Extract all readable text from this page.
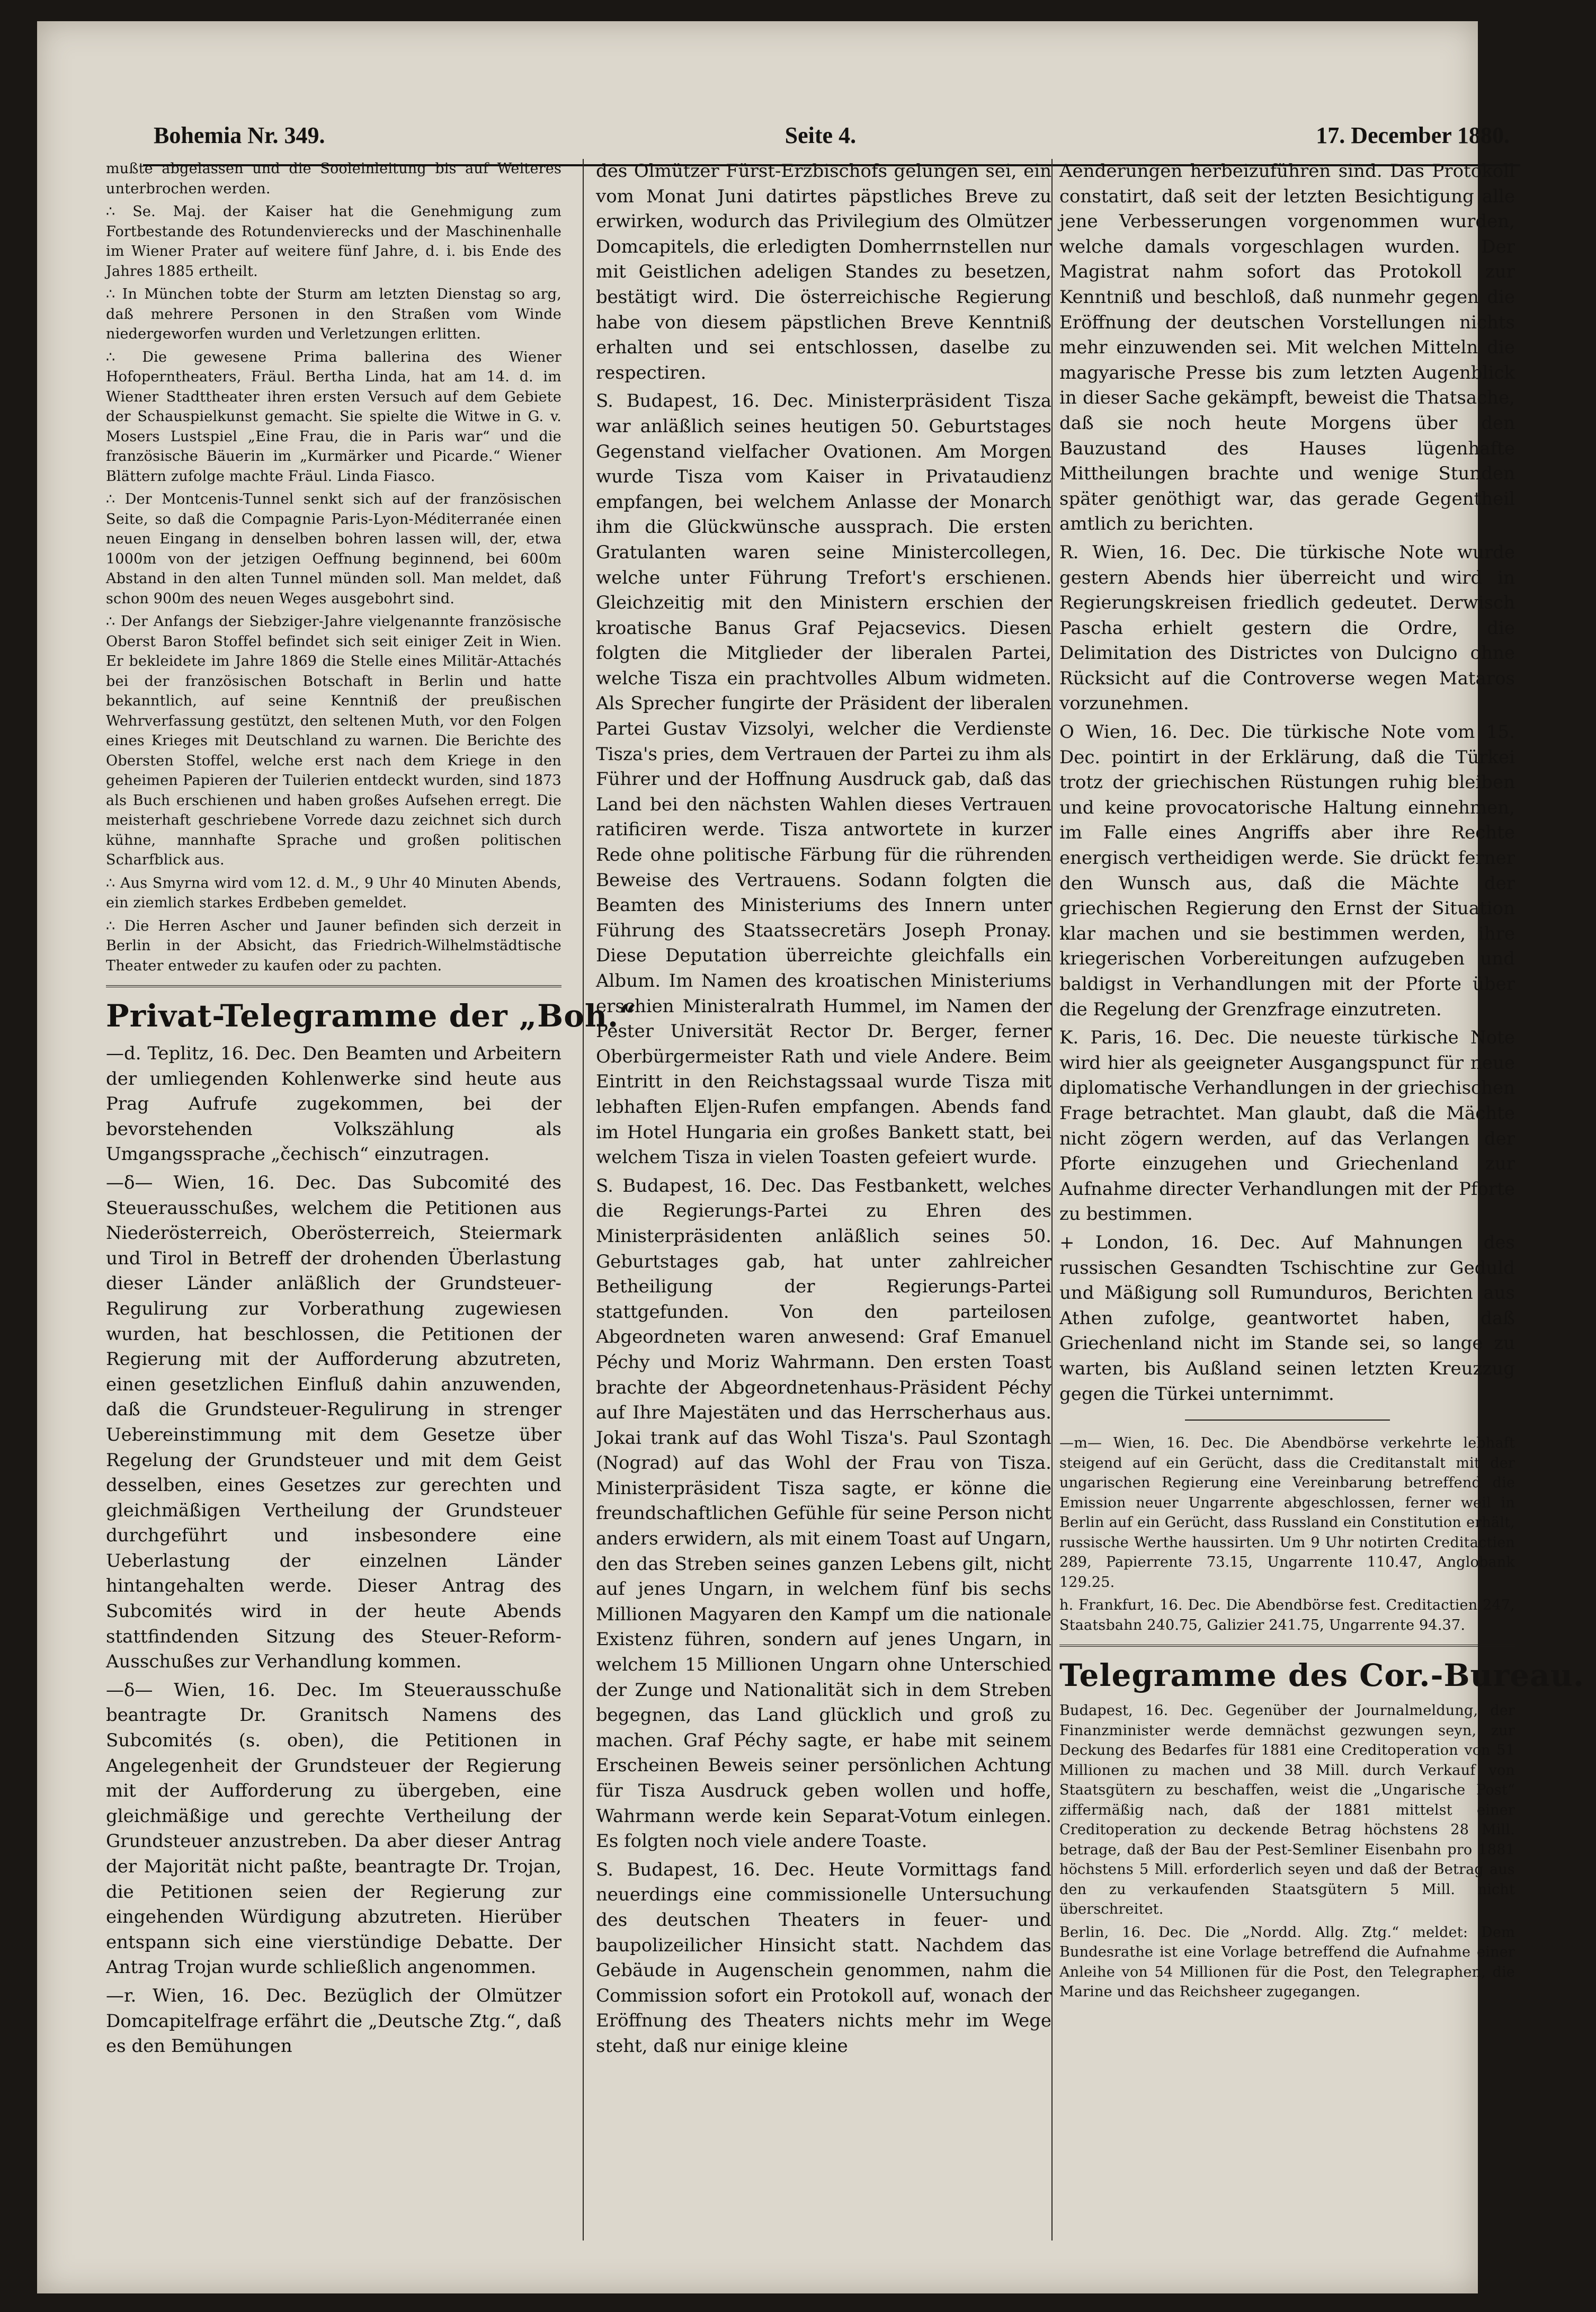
Bohemia Nr. 349.	Seite 4.	17. December 1880.

mußte abgelassen und die Sooleinleitung bis auf Weiteres unterbrochen werden.

∴ Se. Maj. der Kaiser hat die Genehmigung zum Fortbestande des Rotundenvierecks und der Maschinenhalle im Wiener Prater auf weitere fünf Jahre, d. i. bis Ende des Jahres 1885 ertheilt.

∴ In München tobte der Sturm am letzten Dienstag so arg, daß mehrere Personen in den Straßen vom Winde niedergeworfen wurden und Verletzungen erlitten.

∴ Die gewesene Prima ballerina des Wiener Hofoperntheaters, Fräul. Bertha Linda, hat am 14. d. im Wiener Stadttheater ihren ersten Versuch auf dem Gebiete der Schauspielkunst gemacht. Sie spielte die Witwe in G. v. Mosers Lustspiel „Eine Frau, die in Paris war“ und die französische Bäuerin im „Kurmärker und Picarde.“ Wiener Blättern zufolge machte Fräul. Linda Fiasco.

∴ Der Montcenis-Tunnel senkt sich auf der französischen Seite, so daß die Compagnie Paris-Lyon-Méditerranée einen neuen Eingang in denselben bohren lassen will, der, etwa 1000m von der jetzigen Oeffnung beginnend, bei 600m Abstand in den alten Tunnel münden soll. Man meldet, daß schon 900m des neuen Weges ausgebohrt sind.

∴ Der Anfangs der Siebziger-Jahre vielgenannte französische Oberst Baron Stoffel befindet sich seit einiger Zeit in Wien. Er bekleidete im Jahre 1869 die Stelle eines Militär-Attachés bei der französischen Botschaft in Berlin und hatte bekanntlich, auf seine Kenntniß der preußischen Wehrverfassung gestützt, den seltenen Muth, vor den Folgen eines Krieges mit Deutschland zu warnen. Die Berichte des Obersten Stoffel, welche erst nach dem Kriege in den geheimen Papieren der Tuilerien entdeckt wurden, sind 1873 als Buch erschienen und haben großes Aufsehen erregt. Die meisterhaft geschriebene Vorrede dazu zeichnet sich durch kühne, mannhafte Sprache und großen politischen Scharfblick aus.

∴ Aus Smyrna wird vom 12. d. M., 9 Uhr 40 Minuten Abends, ein ziemlich starkes Erdbeben gemeldet.

∴ Die Herren Ascher und Jauner befinden sich derzeit in Berlin in der Absicht, das Friedrich-Wilhelmstädtische Theater entweder zu kaufen oder zu pachten.

Privat-Telegramme der „Boh.“

—d. Teplitz, 16. Dec. Den Beamten und Arbeitern der umliegenden Kohlenwerke sind heute aus Prag Aufrufe zugekommen, bei der bevorstehenden Volkszählung als Umgangssprache „čechisch“ einzutragen.

—δ— Wien, 16. Dec. Das Subcomité des Steuerausschußes, welchem die Petitionen aus Niederösterreich, Oberösterreich, Steiermark und Tirol in Betreff der drohenden Überlastung dieser Länder anläßlich der Grundsteuer-Regulirung zur Vorberathung zugewiesen wurden, hat beschlossen, die Petitionen der Regierung mit der Aufforderung abzutreten, einen gesetzlichen Einfluß dahin anzuwenden, daß die Grundsteuer-Regulirung in strenger Uebereinstimmung mit dem Gesetze über Regelung der Grundsteuer und mit dem Geist desselben, eines Gesetzes zur gerechten und gleichmäßigen Vertheilung der Grundsteuer durchgeführt und insbesondere eine Ueberlastung der einzelnen Länder hintangehalten werde. Dieser Antrag des Subcomités wird in der heute Abends stattfindenden Sitzung des Steuer-Reform-Ausschußes zur Verhandlung kommen.

—δ— Wien, 16. Dec. Im Steuerausschuße beantragte Dr. Granitsch Namens des Subcomités (s. oben), die Petitionen in Angelegenheit der Grundsteuer der Regierung mit der Aufforderung zu übergeben, eine gleichmäßige und gerechte Vertheilung der Grundsteuer anzustreben. Da aber dieser Antrag der Majorität nicht paßte, beantragte Dr. Trojan, die Petitionen seien der Regierung zur eingehenden Würdigung abzutreten. Hierüber entspann sich eine vierstündige Debatte. Der Antrag Trojan wurde schließlich angenommen.

—r. Wien, 16. Dec. Bezüglich der Olmützer Domcapitelfrage erfährt die „Deutsche Ztg.“, daß es den Bemühungen

des Olmützer Fürst-Erzbischofs gelungen sei, ein vom Monat Juni datirtes päpstliches Breve zu erwirken, wodurch das Privilegium des Olmützer Domcapitels, die erledigten Domherrnstellen nur mit Geistlichen adeligen Standes zu besetzen, bestätigt wird. Die österreichische Regierung habe von diesem päpstlichen Breve Kenntniß erhalten und sei entschlossen, daselbe zu respectiren.

S. Budapest, 16. Dec. Ministerpräsident Tisza war anläßlich seines heutigen 50. Geburtstages Gegenstand vielfacher Ovationen. Am Morgen wurde Tisza vom Kaiser in Privataudienz empfangen, bei welchem Anlasse der Monarch ihm die Glückwünsche aussprach. Die ersten Gratulanten waren seine Ministercollegen, welche unter Führung Trefort's erschienen. Gleichzeitig mit den Ministern erschien der kroatische Banus Graf Pejacsevics. Diesen folgten die Mitglieder der liberalen Partei, welche Tisza ein prachtvolles Album widmeten. Als Sprecher fungirte der Präsident der liberalen Partei Gustav Vizsolyi, welcher die Verdienste Tisza's pries, dem Vertrauen der Partei zu ihm als Führer und der Hoffnung Ausdruck gab, daß das Land bei den nächsten Wahlen dieses Vertrauen ratificiren werde. Tisza antwortete in kurzer Rede ohne politische Färbung für die rührenden Beweise des Vertrauens. Sodann folgten die Beamten des Ministeriums des Innern unter Führung des Staatssecretärs Joseph Pronay. Diese Deputation überreichte gleichfalls ein Album. Im Namen des kroatischen Ministeriums erschien Ministeralrath Hummel, im Namen der Pester Universität Rector Dr. Berger, ferner Oberbürgermeister Rath und viele Andere. Beim Eintritt in den Reichstagssaal wurde Tisza mit lebhaften Eljen-Rufen empfangen. Abends fand im Hotel Hungaria ein großes Bankett statt, bei welchem Tisza in vielen Toasten gefeiert wurde.

S. Budapest, 16. Dec. Das Festbankett, welches die Regierungs-Partei zu Ehren des Ministerpräsidenten anläßlich seines 50. Geburtstages gab, hat unter zahlreicher Betheiligung der Regierungs-Partei stattgefunden. Von den parteilosen Abgeordneten waren anwesend: Graf Emanuel Péchy und Moriz Wahrmann. Den ersten Toast brachte der Abgeordnetenhaus-Präsident Péchy auf Ihre Majestäten und das Herrscherhaus aus. Jokai trank auf das Wohl Tisza's. Paul Szontagh (Nograd) auf das Wohl der Frau von Tisza. Ministerpräsident Tisza sagte, er könne die freundschaftlichen Gefühle für seine Person nicht anders erwidern, als mit einem Toast auf Ungarn, den das Streben seines ganzen Lebens gilt, nicht auf jenes Ungarn, in welchem fünf bis sechs Millionen Magyaren den Kampf um die nationale Existenz führen, sondern auf jenes Ungarn, in welchem 15 Millionen Ungarn ohne Unterschied der Zunge und Nationalität sich in dem Streben begegnen, das Land glücklich und groß zu machen. Graf Péchy sagte, er habe mit seinem Erscheinen Beweis seiner persönlichen Achtung für Tisza Ausdruck geben wollen und hoffe, Wahrmann werde kein Separat-Votum einlegen. Es folgten noch viele andere Toaste.

S. Budapest, 16. Dec. Heute Vormittags fand neuerdings eine commissionelle Untersuchung des deutschen Theaters in feuer- und baupolizeilicher Hinsicht statt. Nachdem das Gebäude in Augenschein genommen, nahm die Commission sofort ein Protokoll auf, wonach der Eröffnung des Theaters nichts mehr im Wege steht, daß nur einige kleine

Aenderungen herbeizuführen sind. Das Protokoll constatirt, daß seit der letzten Besichtigung alle jene Verbesserungen vorgenommen wurden, welche damals vorgeschlagen wurden. Der Magistrat nahm sofort das Protokoll zur Kenntniß und beschloß, daß nunmehr gegen die Eröffnung der deutschen Vorstellungen nichts mehr einzuwenden sei. Mit welchen Mitteln die magyarische Presse bis zum letzten Augenblick in dieser Sache gekämpft, beweist die Thatsache, daß sie noch heute Morgens über den Bauzustand des Hauses lügenhafte Mittheilungen brachte und wenige Stunden später genöthigt war, das gerade Gegentheil amtlich zu berichten.

R. Wien, 16. Dec. Die türkische Note wurde gestern Abends hier überreicht und wird in Regierungskreisen friedlich gedeutet. Derwisch Pascha erhielt gestern die Ordre, die Delimitation des Districtes von Dulcigno ohne Rücksicht auf die Controverse wegen Mataros vorzunehmen.

O Wien, 16. Dec. Die türkische Note vom 15. Dec. pointirt in der Erklärung, daß die Türkei trotz der griechischen Rüstungen ruhig bleiben und keine provocatorische Haltung einnehmen, im Falle eines Angriffs aber ihre Rechte energisch vertheidigen werde. Sie drückt ferner den Wunsch aus, daß die Mächte der griechischen Regierung den Ernst der Situation klar machen und sie bestimmen werden, ihre kriegerischen Vorbereitungen aufzugeben und baldigst in Verhandlungen mit der Pforte über die Regelung der Grenzfrage einzutreten.

K. Paris, 16. Dec. Die neueste türkische Note wird hier als geeigneter Ausgangspunct für neue diplomatische Verhandlungen in der griechischen Frage betrachtet. Man glaubt, daß die Mächte nicht zögern werden, auf das Verlangen der Pforte einzugehen und Griechenland zur Aufnahme directer Verhandlungen mit der Pforte zu bestimmen.

+ London, 16. Dec. Auf Mahnungen des russischen Gesandten Tschischtine zur Geduld und Mäßigung soll Rumunduros, Berichten aus Athen zufolge, geantwortet haben, daß Griechenland nicht im Stande sei, so lange zu warten, bis Außland seinen letzten Kreuzzug gegen die Türkei unternimmt.

—m— Wien, 16. Dec. Die Abendbörse verkehrte lebhaft steigend auf ein Gerücht, dass die Creditanstalt mit der ungarischen Regierung eine Vereinbarung betreffend die Emission neuer Ungarrente abgeschlossen, ferner weil in Berlin auf ein Gerücht, dass Russland ein Constitution erhält, russische Werthe haussirten. Um 9 Uhr notirten Creditactien 289, Papierrente 73.15, Ungarrente 110.47, Anglobank 129.25.

h. Frankfurt, 16. Dec. Die Abendbörse fest. Creditactien 247, Staatsbahn 240.75, Galizier 241.75, Ungarrente 94.37.

Telegramme des Cor.-Bureau.

Budapest, 16. Dec. Gegenüber der Journalmeldung, der Finanzminister werde demnächst gezwungen seyn, zur Deckung des Bedarfes für 1881 eine Creditoperation von 51 Millionen zu machen und 38 Mill. durch Verkauf von Staatsgütern zu beschaffen, weist die „Ungarische Post“ ziffermäßig nach, daß der 1881 mittelst einer Creditoperation zu deckende Betrag höchstens 28 Mill. betrage, daß der Bau der Pest-Semliner Eisenbahn pro 1881 höchstens 5 Mill. erforderlich seyen und daß der Betrag aus den zu verkaufenden Staatsgütern 5 Mill. nicht überschreitet.

Berlin, 16. Dec. Die „Nordd. Allg. Ztg.“ meldet: Dem Bundesrathe ist eine Vorlage betreffend die Aufnahme einer Anleihe von 54 Millionen für die Post, den Telegraphen, die Marine und das Reichsheer zugegangen.
